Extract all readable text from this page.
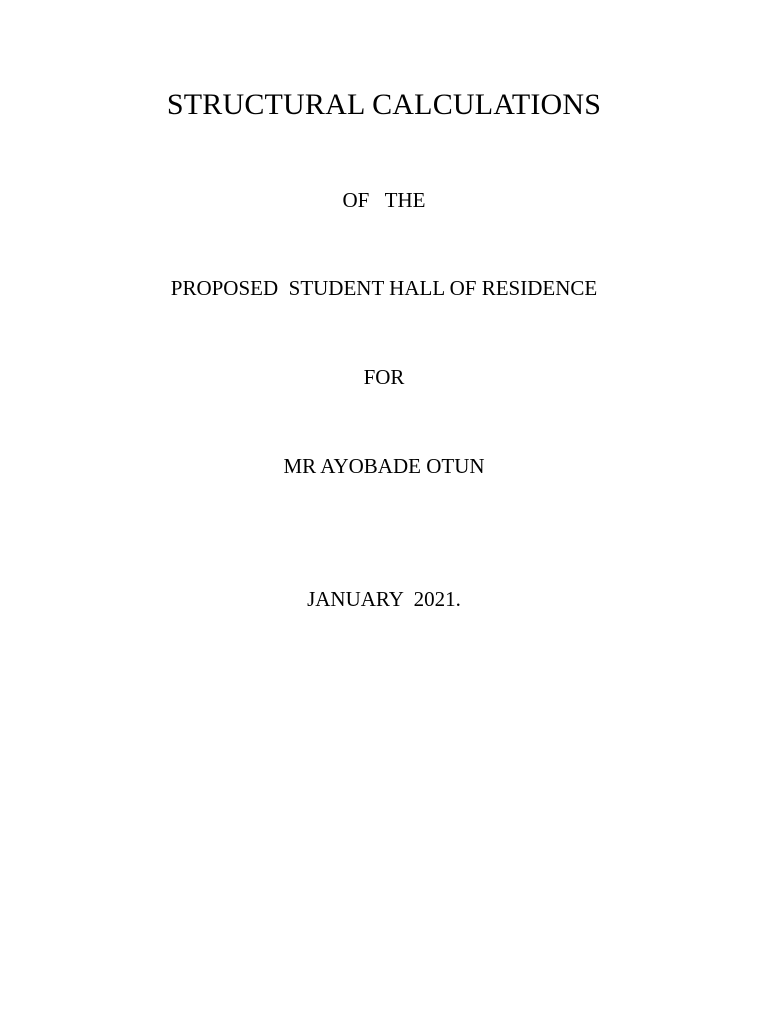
STRUCTURAL CALCULATIONS
OF   THE
PROPOSED  STUDENT HALL OF RESIDENCE
FOR
MR AYOBADE OTUN
JANUARY  2021.
